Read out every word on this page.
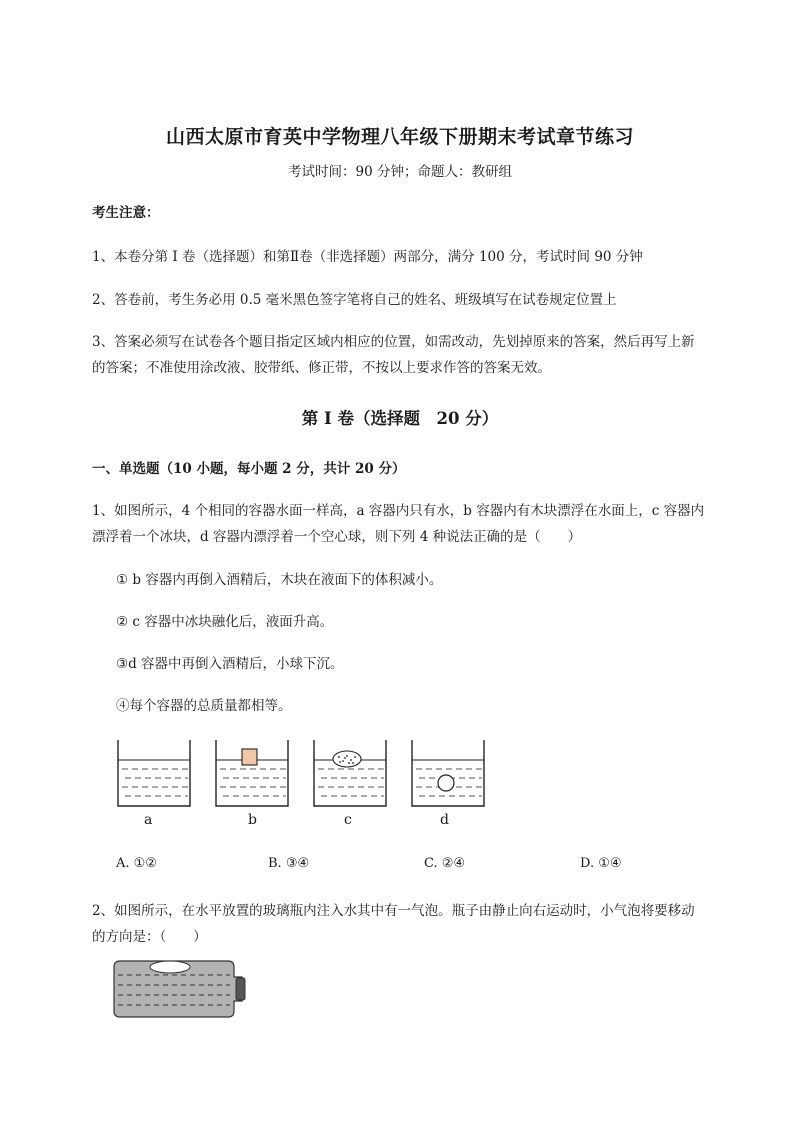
山西太原市育英中学物理八年级下册期末考试章节练习
考试时间：90 分钟；命题人：教研组
考生注意：
1、本卷分第 I 卷（选择题）和第Ⅱ卷（非选择题）两部分，满分 100 分，考试时间 90 分钟
2、答卷前，考生务必用 0.5 毫米黑色签字笔将自己的姓名、班级填写在试卷规定位置上
3、答案必须写在试卷各个题目指定区域内相应的位置，如需改动，先划掉原来的答案，然后再写上新
的答案；不准使用涂改液、胶带纸、修正带，不按以上要求作答的答案无效。
第 I 卷（选择题　20 分）
一、单选题（10 小题，每小题 2 分，共计 20 分）
1、如图所示，4 个相同的容器水面一样高，a 容器内只有水，b 容器内有木块漂浮在水面上，c 容器内
漂浮着一个冰块，d 容器内漂浮着一个空心球，则下列 4 种说法正确的是（　　）
① b 容器内再倒入酒精后，木块在液面下的体积减小。
② c 容器中冰块融化后，液面升高。
③d 容器中再倒入酒精后，小球下沉。
④每个容器的总质量都相等。
a	b	c	d
A. ①②	B. ③④	C. ②④	D. ①④
2、如图所示，在水平放置的玻璃瓶内注入水其中有一气泡。瓶子由静止向右运动时，小气泡将要移动
的方向是：（　　）
